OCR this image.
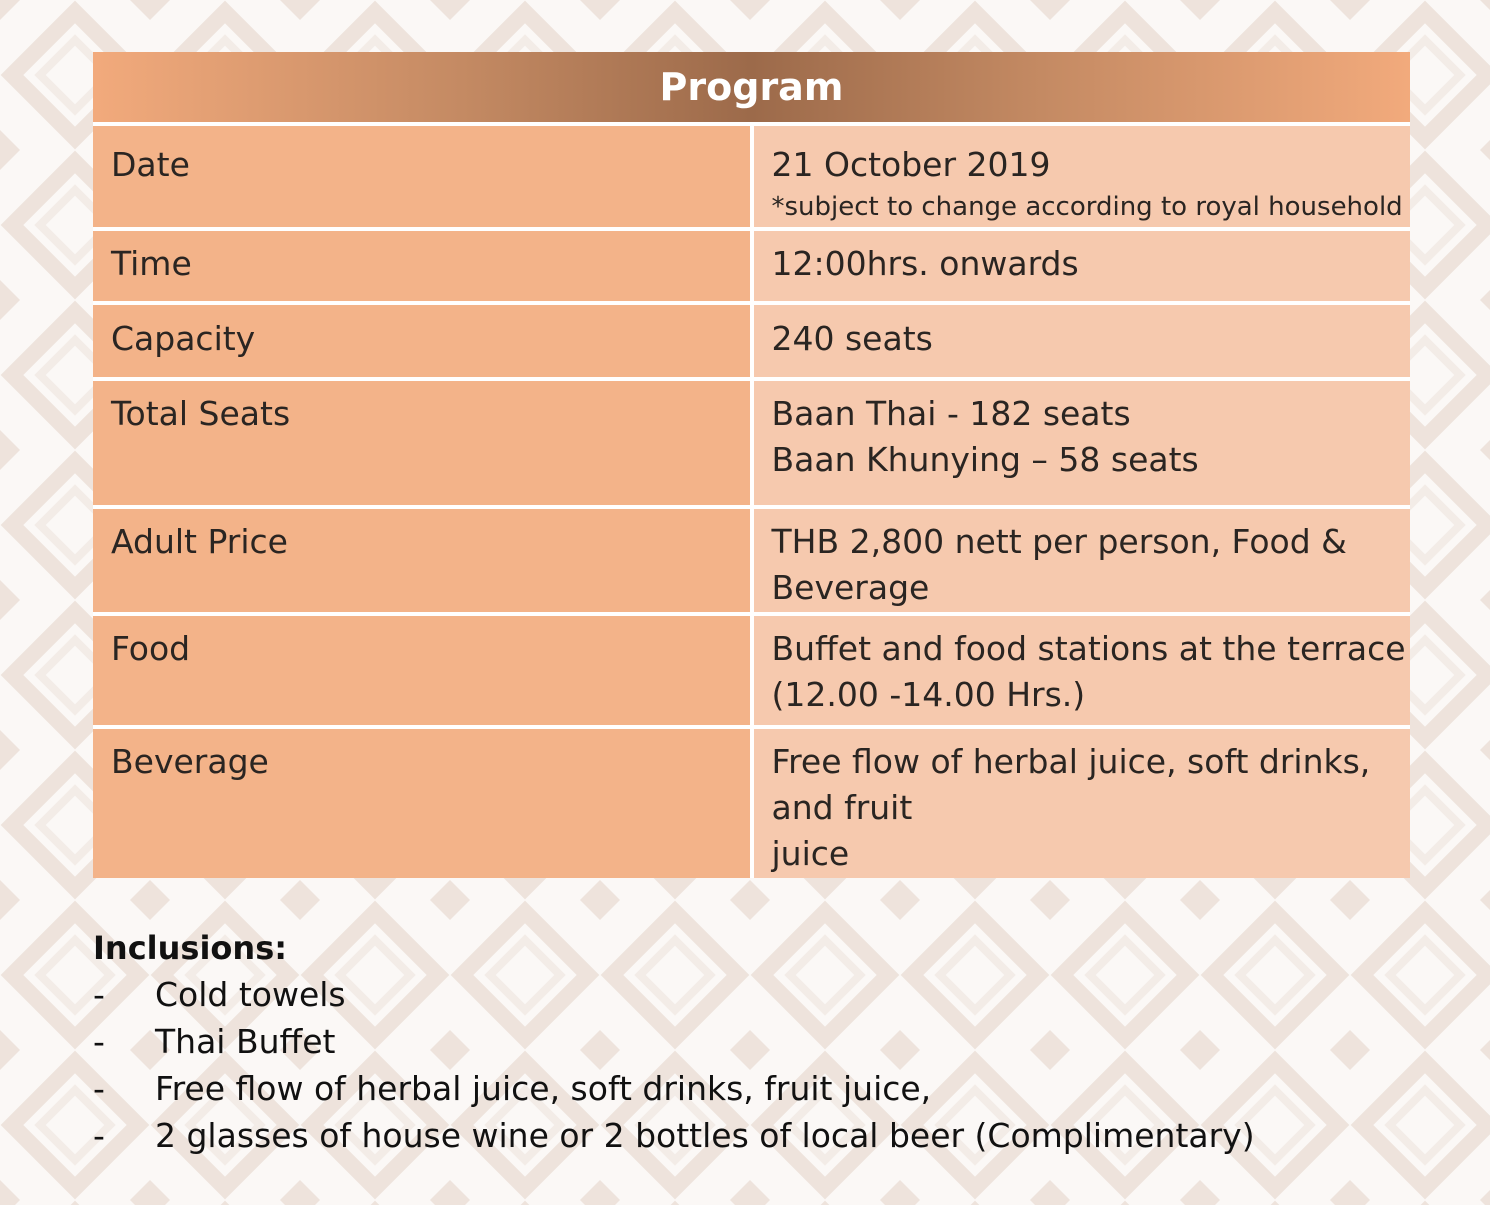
Program	
Date	21 October 2019
*subject to change according to royal household

Time	12:00hrs. onwards

Capacity	240 seats

Total Seats	Baan Thai - 182 seats
Baan Khunying – 58 seats

Adult Price	THB 2,800 nett per person, Food & Beverage

Food	Buffet and food stations at the terrace
(12.00 -14.00 Hrs.)

Beverage	Free flow of herbal juice, soft drinks, and fruit
juice
Inclusions:
-	Cold towels
-	Thai Buffet
-	Free flow of herbal juice, soft drinks, fruit juice,
-	2 glasses of house wine or 2 bottles of local beer (Complimentary)
